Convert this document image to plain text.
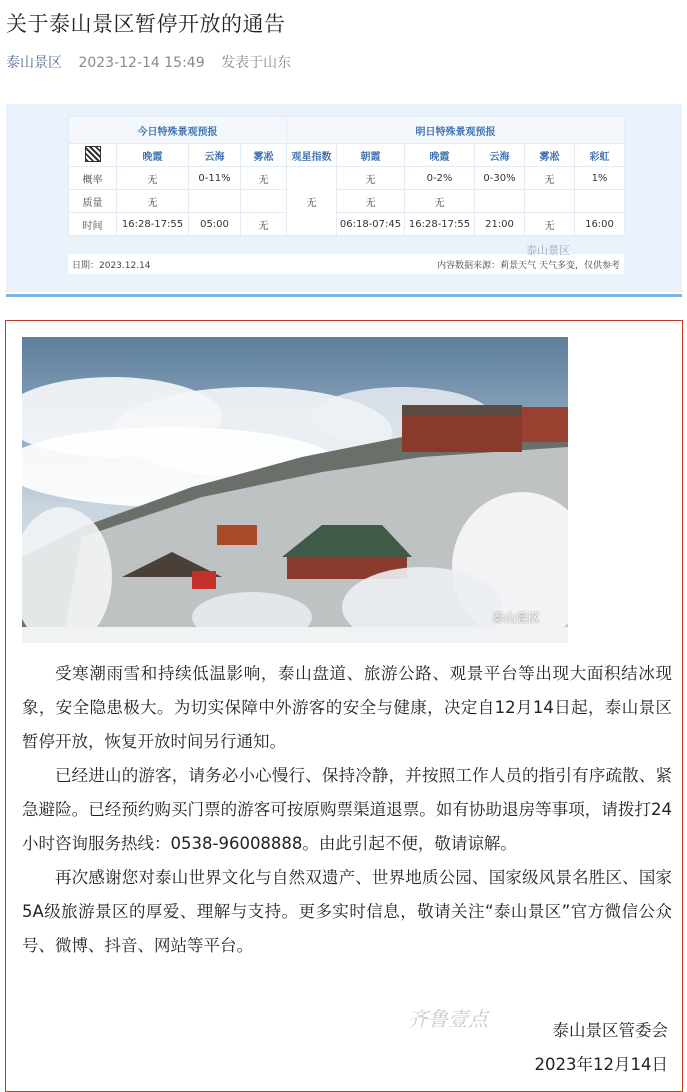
关于泰山景区暂停开放的通告
泰山景区 2023-12-14 15:49 发表于山东
今日特殊景观预报				明日特殊景观预报					
	晚霞	云海	雾凇	观星指数	朝霞	晚霞	云海	雾凇	彩虹
概率	无	0-11%	无	无	无	0-2%	0-30%	无	1%
质量	无				无	无			
时间	16:28-17:55	05:00	无		06:18-07:45	16:28-17:55	21:00	无	16:00
日期：2023.12.14	内容数据来源：莉景天气 天气多变，仅供参考
泰山景区
泰山景区

受寒潮雨雪和持续低温影响，泰山盘道、旅游公路、观景平台等出现大面积结冰现象，安全隐患极大。为切实保障中外游客的安全与健康，决定自12月14日起，泰山景区暂停开放，恢复开放时间另行通知。

已经进山的游客，请务必小心慢行、保持冷静，并按照工作人员的指引有序疏散、紧急避险。已经预约购买门票的游客可按原购票渠道退票。如有协助退房等事项，请拨打24小时咨询服务热线：0538-96008888。由此引起不便，敬请谅解。

再次感谢您对泰山世界文化与自然双遗产、世界地质公园、国家级风景名胜区、国家5A级旅游景区的厚爱、理解与支持。更多实时信息，敬请关注“泰山景区”官方微信公众号、微博、抖音、网站等平台。

齐鲁壹点	泰山景区管委会
2023年12月14日
